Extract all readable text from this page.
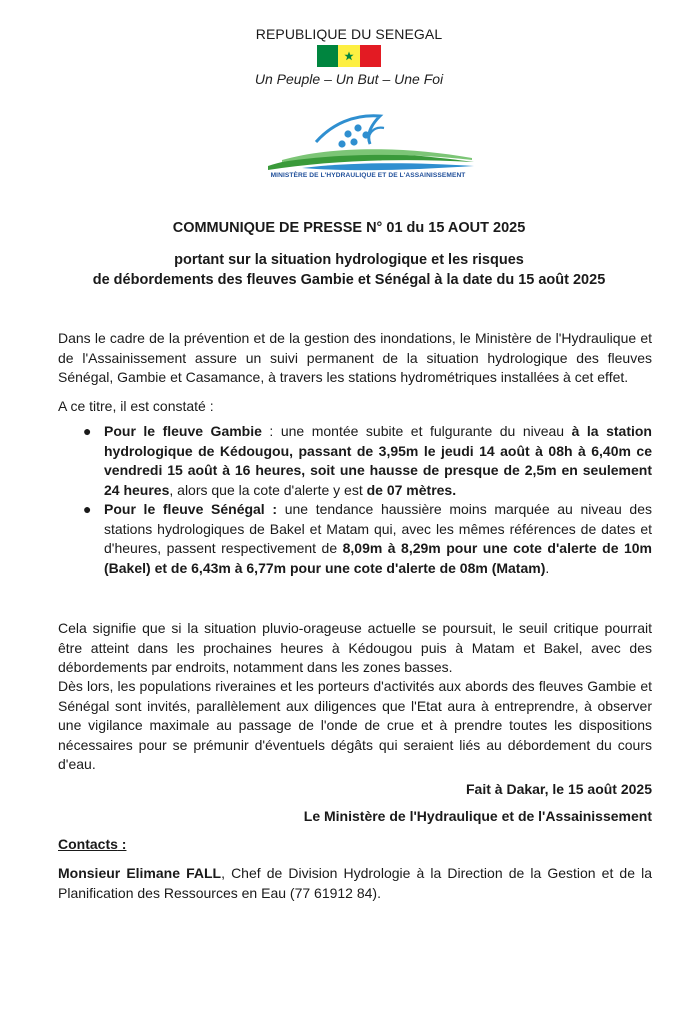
REPUBLIQUE DU SENEGAL
Un Peuple – Un But – Une Foi
MINISTÈRE DE L'HYDRAULIQUE ET DE L'ASSAINISSEMENT
COMMUNIQUE DE PRESSE N° 01 du 15 AOUT 2025
portant sur la situation hydrologique et les risques
de débordements des fleuves Gambie et Sénégal à la date du 15 août 2025
Dans le cadre de la prévention et de la gestion des inondations, le Ministère de l'Hydraulique et de l'Assainissement assure un suivi permanent de la situation hydrologique des fleuves Sénégal, Gambie et Casamance, à travers les stations hydrométriques installées à cet effet.
A ce titre, il est constaté :
● Pour le fleuve Gambie : une montée subite et fulgurante du niveau à la station hydrologique de Kédougou, passant de 3,95m le jeudi 14 août à 08h à 6,40m ce vendredi 15 août à 16 heures, soit une hausse de presque de 2,5m en seulement 24 heures, alors que la cote d'alerte y est de 07 mètres.
● Pour le fleuve Sénégal : une tendance haussière moins marquée au niveau des stations hydrologiques de Bakel et Matam qui, avec les mêmes références de dates et d'heures, passent respectivement de 8,09m à 8,29m pour une cote d'alerte de 10m (Bakel) et de 6,43m à 6,77m pour une cote d'alerte de 08m (Matam).
Cela signifie que si la situation pluvio-orageuse actuelle se poursuit, le seuil critique pourrait être atteint dans les prochaines heures à Kédougou puis à Matam et Bakel, avec des débordements par endroits, notamment dans les zones basses.
Dès lors, les populations riveraines et les porteurs d'activités aux abords des fleuves Gambie et Sénégal sont invités, parallèlement aux diligences que l'Etat aura à entreprendre, à observer une vigilance maximale au passage de l'onde de crue et à prendre toutes les dispositions nécessaires pour se prémunir d'éventuels dégâts qui seraient liés au débordement du cours d'eau.
Fait à Dakar, le 15 août 2025
Le Ministère de l'Hydraulique et de l'Assainissement
Contacts :
Monsieur Elimane FALL, Chef de Division Hydrologie à la Direction de la Gestion et de la Planification des Ressources en Eau (77 61912 84).
